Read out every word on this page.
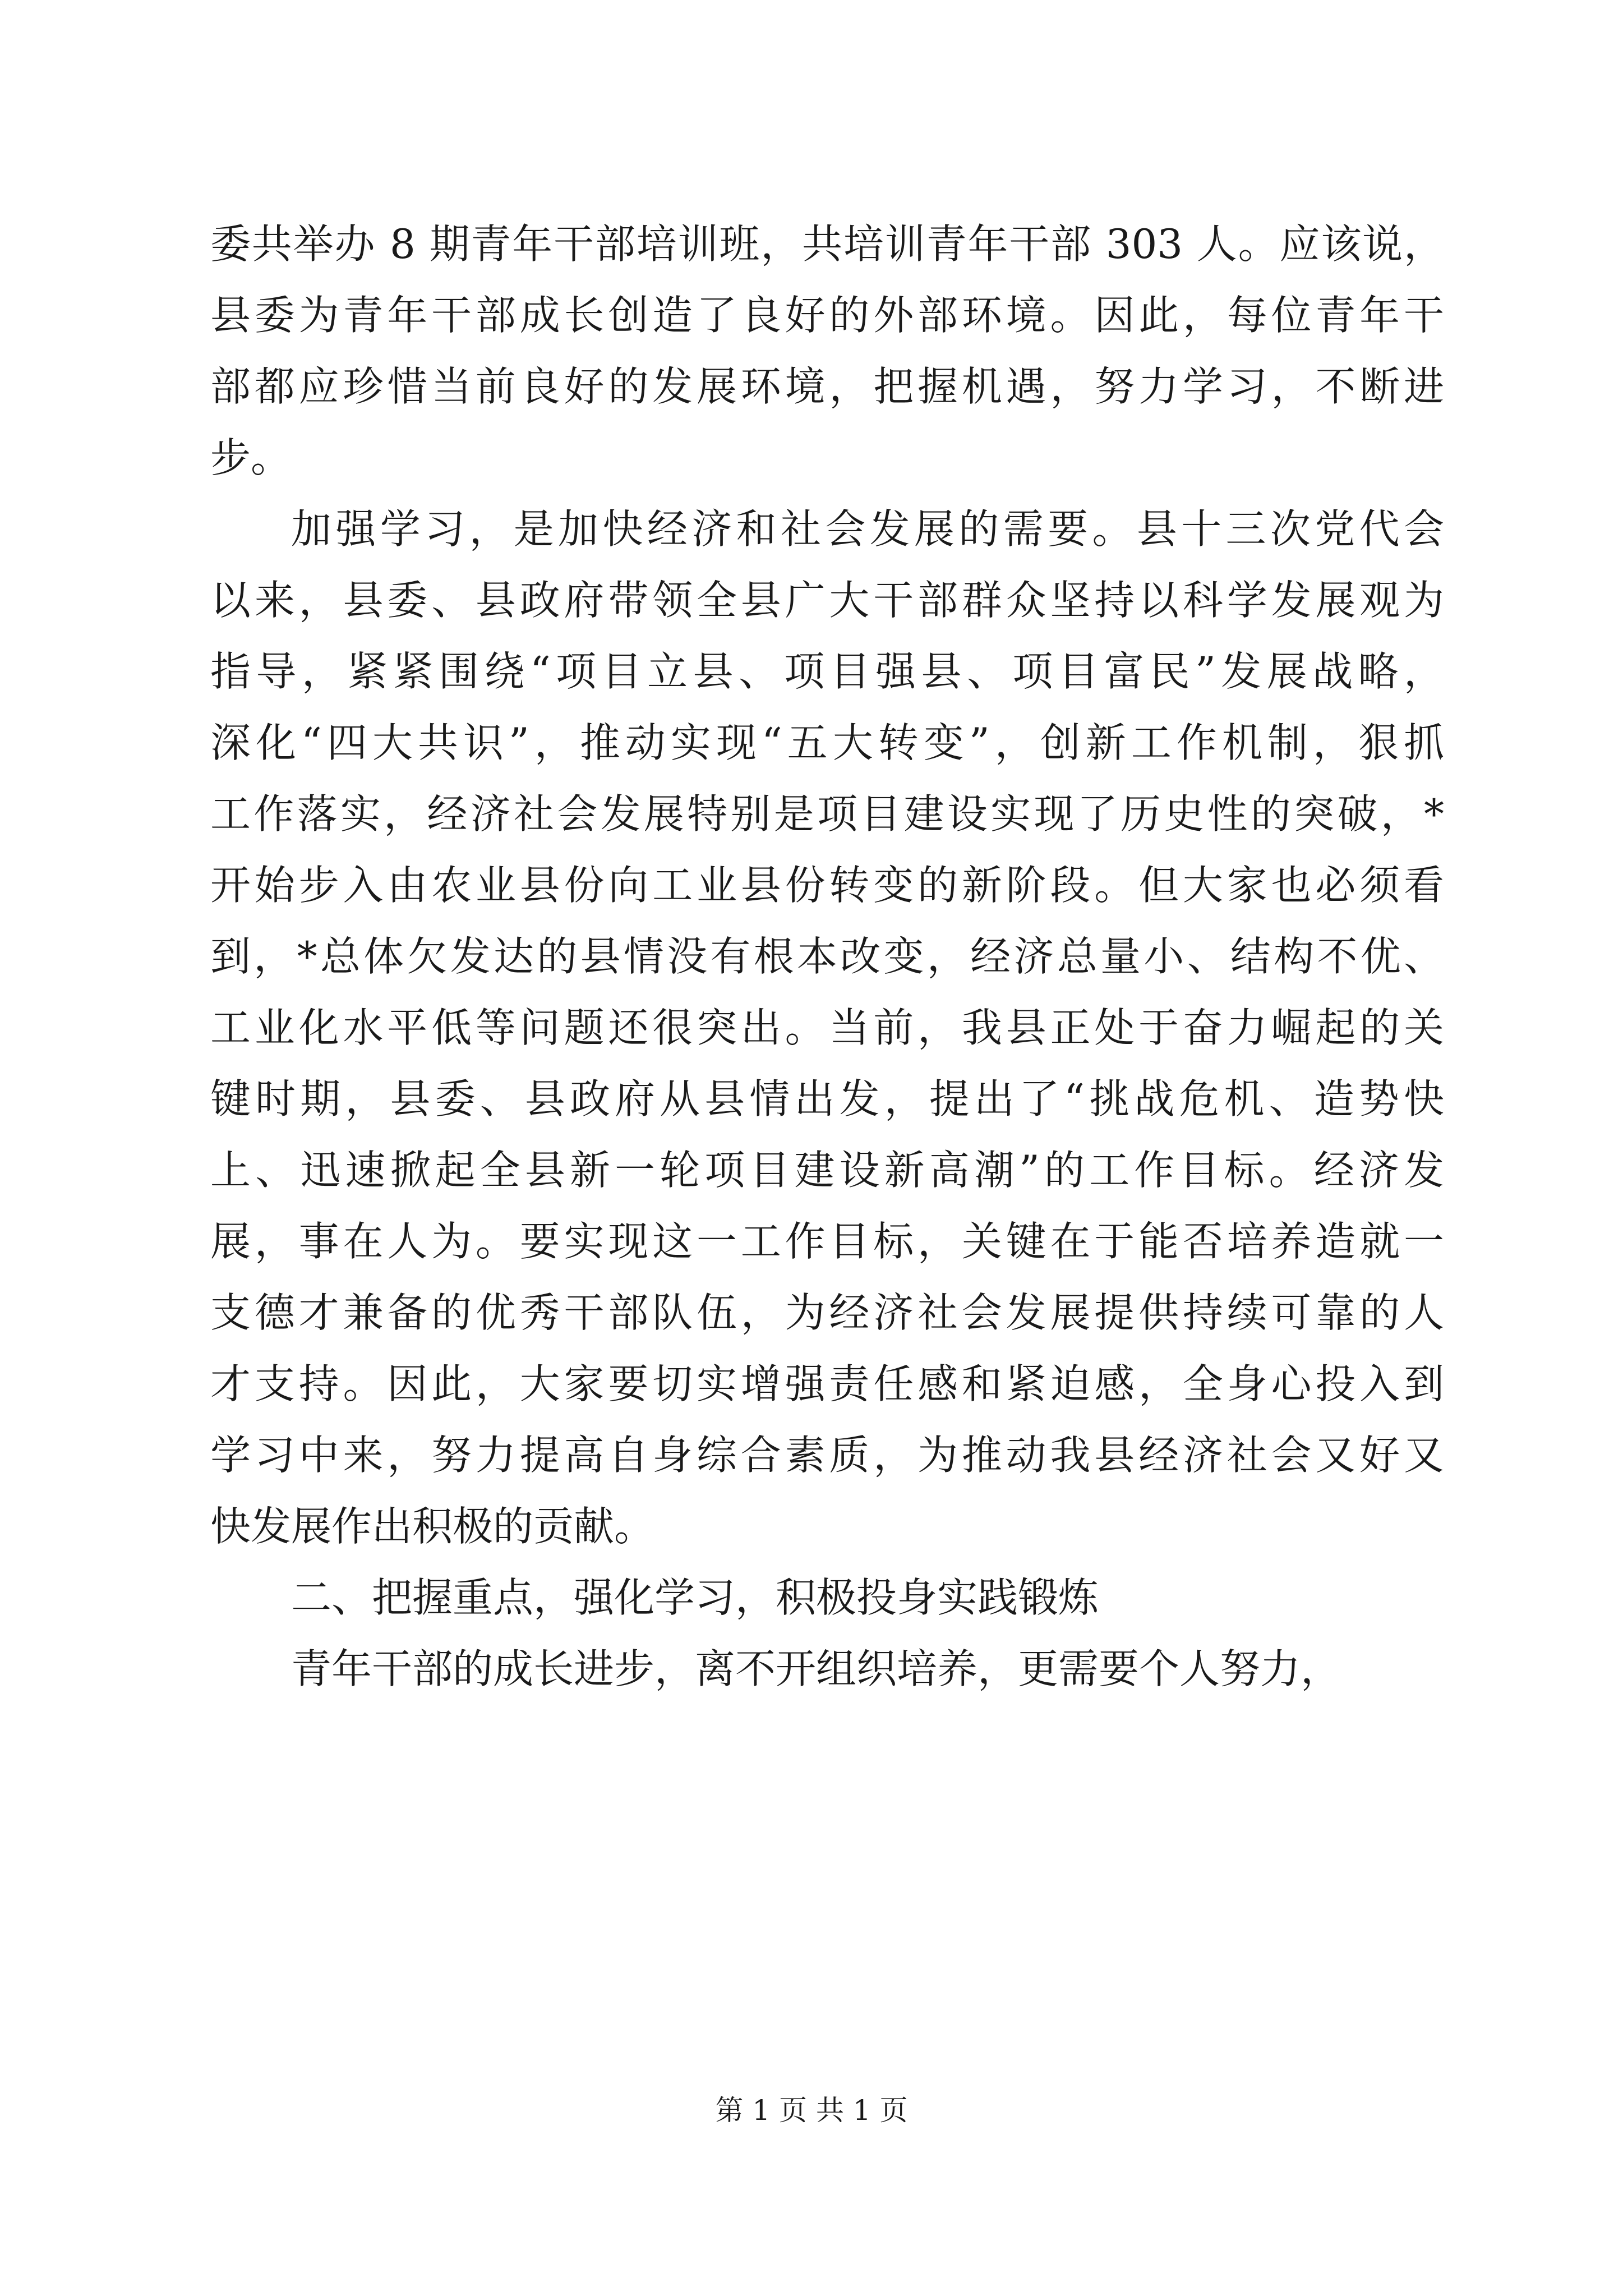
委共举办 8 期青年干部培训班，共培训青年干部 303 人。应该说，
县委为青年干部成长创造了良好的外部环境。因此，每位青年干
部都应珍惜当前良好的发展环境，把握机遇，努力学习，不断进
步。
加强学习，是加快经济和社会发展的需要。县十三次党代会
以来，县委、县政府带领全县广大干部群众坚持以科学发展观为
指导，紧紧围绕“项目立县、项目强县、项目富民”发展战略，
深化“四大共识”，推动实现“五大转变”，创新工作机制，狠抓
工作落实，经济社会发展特别是项目建设实现了历史性的突破，*
开始步入由农业县份向工业县份转变的新阶段。但大家也必须看
到，*总体欠发达的县情没有根本改变，经济总量小、结构不优、
工业化水平低等问题还很突出。当前，我县正处于奋力崛起的关
键时期，县委、县政府从县情出发，提出了“挑战危机、造势快
上、迅速掀起全县新一轮项目建设新高潮”的工作目标。经济发
展，事在人为。要实现这一工作目标，关键在于能否培养造就一
支德才兼备的优秀干部队伍，为经济社会发展提供持续可靠的人
才支持。因此，大家要切实增强责任感和紧迫感，全身心投入到
学习中来，努力提高自身综合素质，为推动我县经济社会又好又
快发展作出积极的贡献。
二、把握重点，强化学习，积极投身实践锻炼
青年干部的成长进步，离不开组织培养，更需要个人努力，
第 1 页 共 1 页
